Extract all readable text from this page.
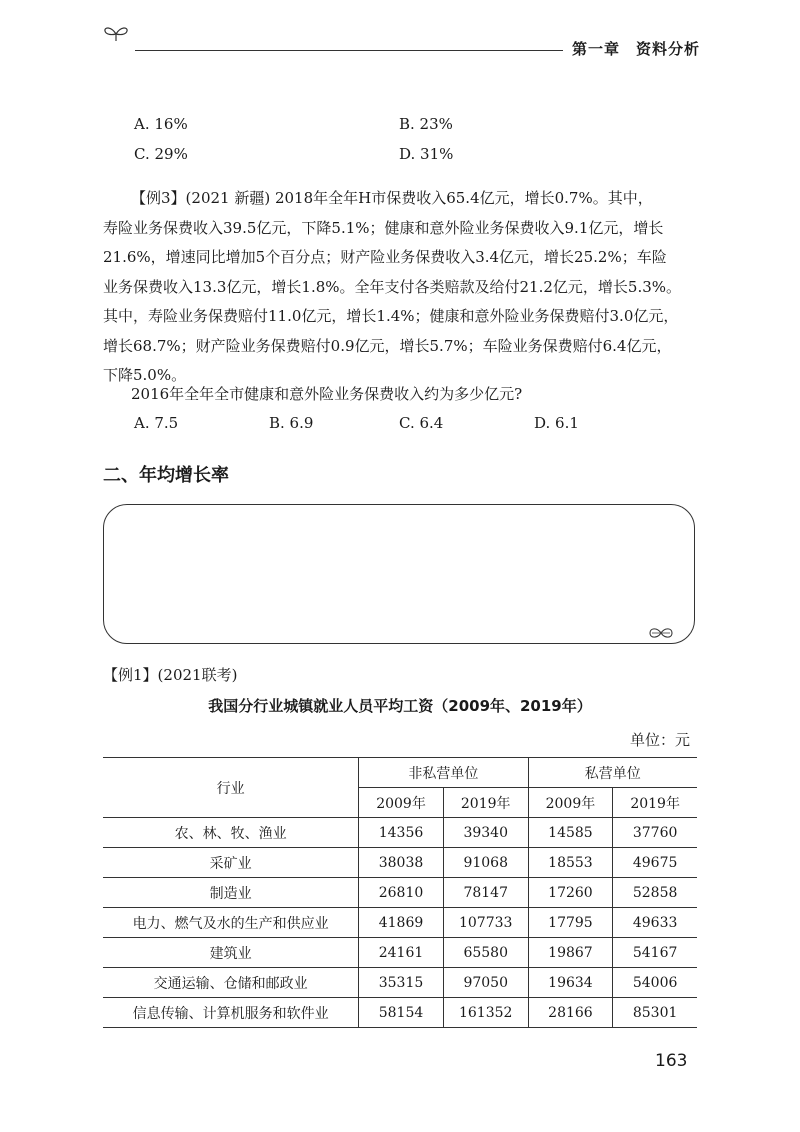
第一章　资料分析
A. 16%	B. 23%
C. 29%	D. 31%

【例3】(2021 新疆) 2018年全年H市保费收入65.4亿元，增长0.7%。其中，

寿险业务保费收入39.5亿元，下降5.1%；健康和意外险业务保费收入9.1亿元，增长

21.6%，增速同比增加5个百分点；财产险业务保费收入3.4亿元，增长25.2%；车险

业务保费收入13.3亿元，增长1.8%。全年支付各类赔款及给付21.2亿元，增长5.3%。

其中，寿险业务保费赔付11.0亿元，增长1.4%；健康和意外险业务保费赔付3.0亿元，

增长68.7%；财产险业务保费赔付0.9亿元，增长5.7%；车险业务保费赔付6.4亿元，

下降5.0%。

2016年全年全市健康和意外险业务保费收入约为多少亿元?
A. 7.5	B. 6.9	C. 6.4	D. 6.1
二、年均增长率
【例1】(2021联考)
我国分行业城镇就业人员平均工资（2009年、2019年）
单位：元
行业	非私营单位		私营单位	
	2009年	2019年	2009年	2019年
农、林、牧、渔业	14356	39340	14585	37760
采矿业	38038	91068	18553	49675
制造业	26810	78147	17260	52858
电力、燃气及水的生产和供应业	41869	107733	17795	49633
建筑业	24161	65580	19867	54167
交通运输、仓储和邮政业	35315	97050	19634	54006
信息传输、计算机服务和软件业	58154	161352	28166	85301
163
